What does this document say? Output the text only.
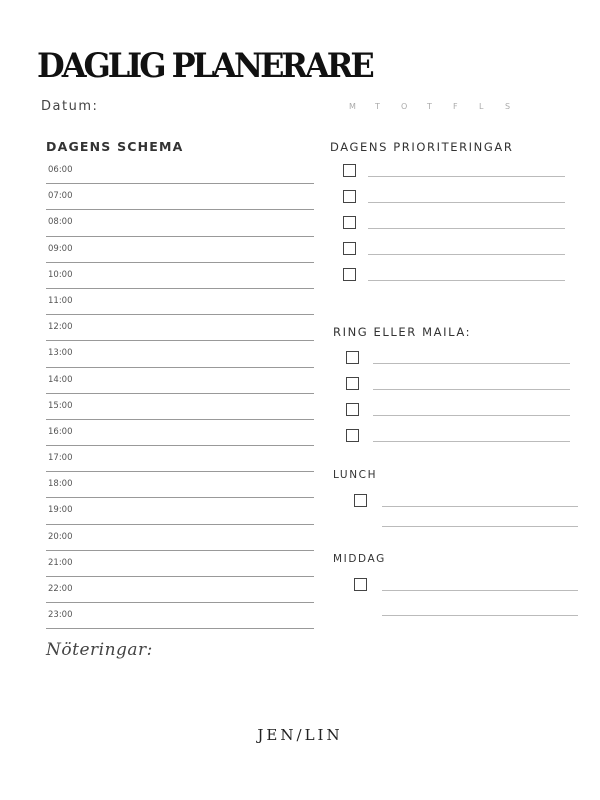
DAGLIG PLANERARE
Datum:	M	T	O	T	F	L	S
DAGENS SCHEMA
06:00
07:00
08:00
09:00
10:00
11:00
12:00
13:00
14:00
15:00
16:00
17:00
18:00
19:00
20:00
21:00
22:00
23:00
DAGENS PRIORITERINGAR
RING ELLER MAILA:
LUNCH
MIDDAG
Nöteringar:
JEN/LIN
